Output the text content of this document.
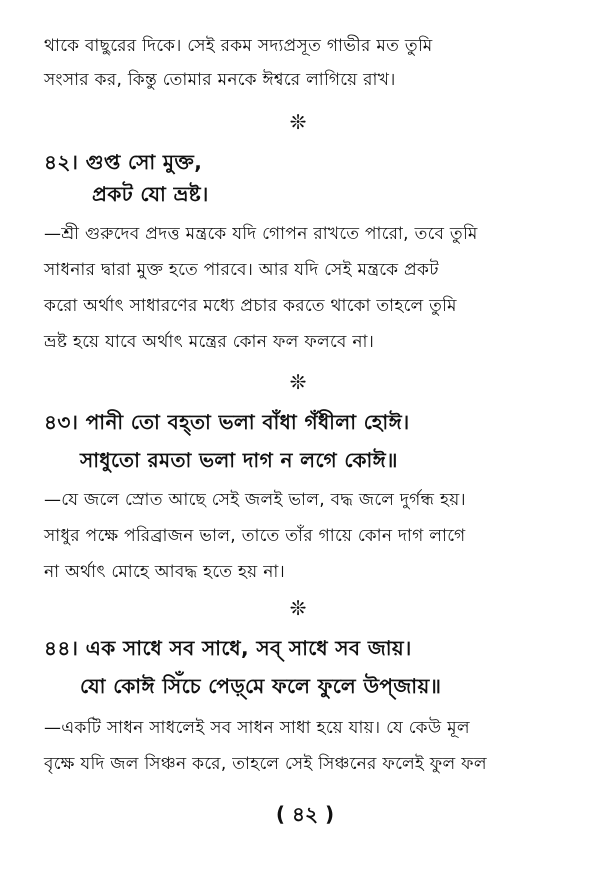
থাকে বাছুরের দিকে। সেই রকম সদ্যপ্রসূত গাভীর মত তুমি
সংসার কর, কিন্তু তোমার মনকে ঈশ্বরে লাগিয়ে রাখ।
❊
৪২। গুপ্ত সো মুক্ত,
প্রকট যো ভ্রষ্ট।
—শ্রী গুরুদেব প্রদত্ত মন্ত্রকে যদি গোপন রাখতে পারো, তবে তুমি
সাধনার দ্বারা মুক্ত হতে পারবে। আর যদি সেই মন্ত্রকে প্রকট
করো অর্থাৎ সাধারণের মধ্যে প্রচার করতে থাকো তাহলে তুমি
ভ্রষ্ট হয়ে যাবে অর্থাৎ মন্ত্রের কোন ফল ফলবে না।
❊
৪৩। পানী তো বহ্‌তা ভলা বাঁধা গঁধীলা হোঈ।
সাধুতো রমতা ভলা দাগ ন লগে কোঈ॥
—যে জলে স্রোত আছে সেই জলই ভাল, বদ্ধ জলে দুর্গন্ধ হয়।
সাধুর পক্ষে পরিব্রাজন ভাল, তাতে তাঁর গায়ে কোন দাগ লাগে
না অর্থাৎ মোহে আবদ্ধ হতে হয় না।
❊
৪৪। এক সাধে সব সাধে, সব্‌ সাধে সব জায়।
যো কোঈ সিঁচে পেড়্‌মে ফলে ফুলে উপ্‌জায়॥
—একটি সাধন সাধলেই সব সাধন সাধা হয়ে যায়। যে কেউ মূল
বৃক্ষে যদি জল সিঞ্চন করে, তাহলে সেই সিঞ্চনের ফলেই ফুল ফল
( ৪২ )
